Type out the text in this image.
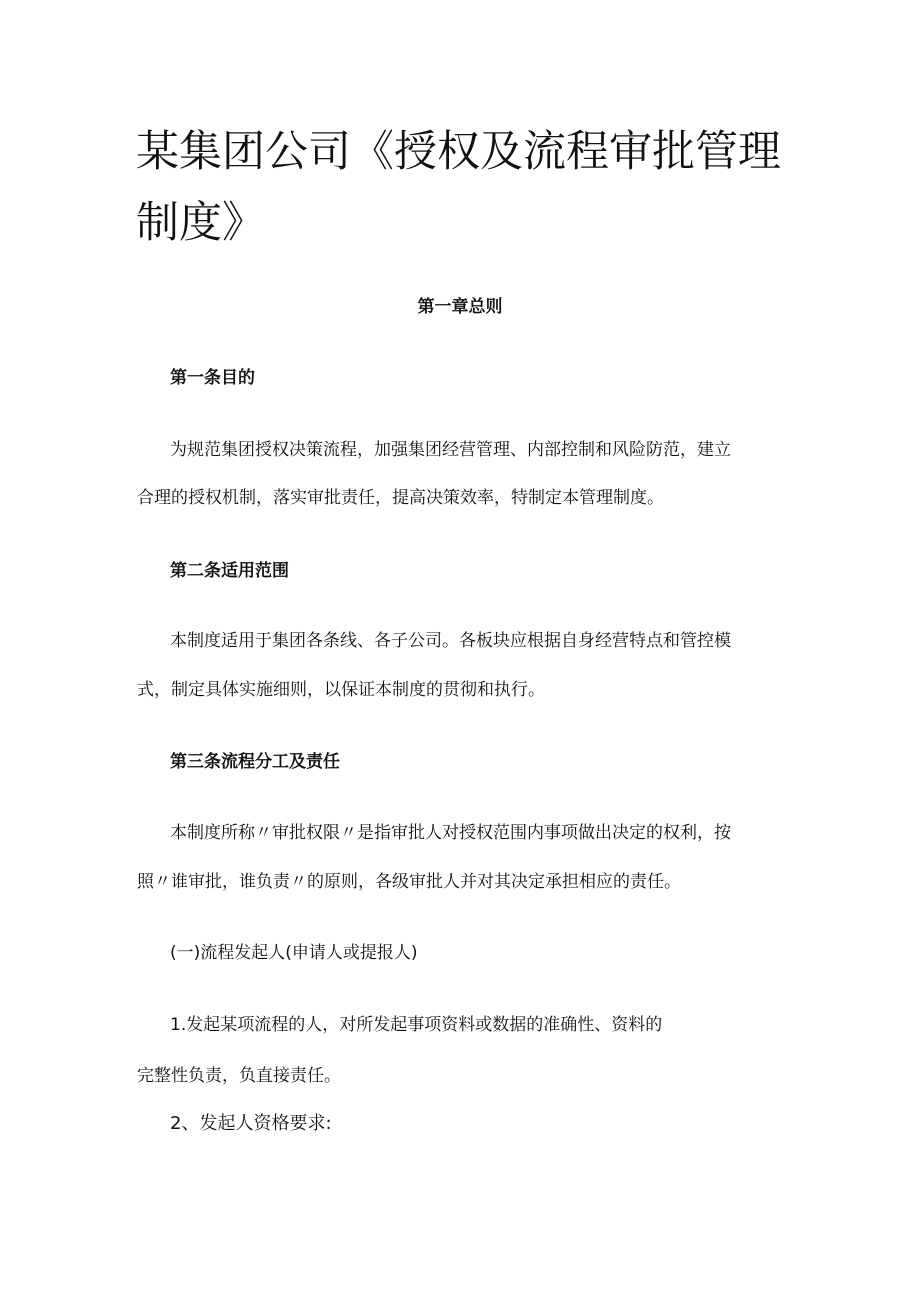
某集团公司《授权及流程审批管理
制度》
第一章总则
第一条目的

为规范集团授权决策流程，加强集团经营管理、内部控制和风险防范，建立

合理的授权机制，落实审批责任，提高决策效率，特制定本管理制度。

第二条适用范围

本制度适用于集团各条线、各子公司。各板块应根据自身经营特点和管控模

式，制定具体实施细则，以保证本制度的贯彻和执行。

第三条流程分工及责任

本制度所称〃审批权限〃是指审批人对授权范围内事项做出决定的权利，按

照〃谁审批，谁负责〃的原则，各级审批人并对其决定承担相应的责任。

(一)流程发起人(申请人或提报人)

1.发起某项流程的人，对所发起事项资料或数据的准确性、资料的

完整性负责，负直接责任。

2、发起人资格要求:
